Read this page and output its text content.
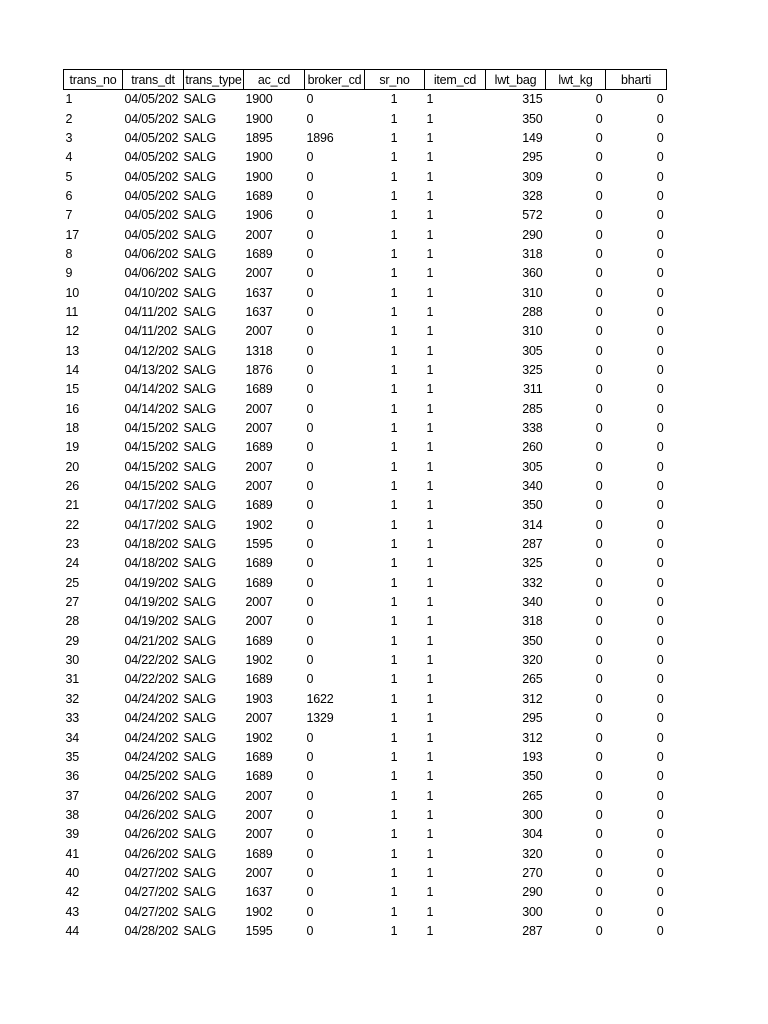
trans_no	trans_dt	trans_type	ac_cd	broker_cd	sr_no	item_cd	lwt_bag	lwt_kg	bharti
1	04/05/202	SALG	1900	0	1	1	315	0	0
2	04/05/202	SALG	1900	0	1	1	350	0	0
3	04/05/202	SALG	1895	1896	1	1	149	0	0
4	04/05/202	SALG	1900	0	1	1	295	0	0
5	04/05/202	SALG	1900	0	1	1	309	0	0
6	04/05/202	SALG	1689	0	1	1	328	0	0
7	04/05/202	SALG	1906	0	1	1	572	0	0
17	04/05/202	SALG	2007	0	1	1	290	0	0
8	04/06/202	SALG	1689	0	1	1	318	0	0
9	04/06/202	SALG	2007	0	1	1	360	0	0
10	04/10/202	SALG	1637	0	1	1	310	0	0
11	04/11/202	SALG	1637	0	1	1	288	0	0
12	04/11/202	SALG	2007	0	1	1	310	0	0
13	04/12/202	SALG	1318	0	1	1	305	0	0
14	04/13/202	SALG	1876	0	1	1	325	0	0
15	04/14/202	SALG	1689	0	1	1	311	0	0
16	04/14/202	SALG	2007	0	1	1	285	0	0
18	04/15/202	SALG	2007	0	1	1	338	0	0
19	04/15/202	SALG	1689	0	1	1	260	0	0
20	04/15/202	SALG	2007	0	1	1	305	0	0
26	04/15/202	SALG	2007	0	1	1	340	0	0
21	04/17/202	SALG	1689	0	1	1	350	0	0
22	04/17/202	SALG	1902	0	1	1	314	0	0
23	04/18/202	SALG	1595	0	1	1	287	0	0
24	04/18/202	SALG	1689	0	1	1	325	0	0
25	04/19/202	SALG	1689	0	1	1	332	0	0
27	04/19/202	SALG	2007	0	1	1	340	0	0
28	04/19/202	SALG	2007	0	1	1	318	0	0
29	04/21/202	SALG	1689	0	1	1	350	0	0
30	04/22/202	SALG	1902	0	1	1	320	0	0
31	04/22/202	SALG	1689	0	1	1	265	0	0
32	04/24/202	SALG	1903	1622	1	1	312	0	0
33	04/24/202	SALG	2007	1329	1	1	295	0	0
34	04/24/202	SALG	1902	0	1	1	312	0	0
35	04/24/202	SALG	1689	0	1	1	193	0	0
36	04/25/202	SALG	1689	0	1	1	350	0	0
37	04/26/202	SALG	2007	0	1	1	265	0	0
38	04/26/202	SALG	2007	0	1	1	300	0	0
39	04/26/202	SALG	2007	0	1	1	304	0	0
41	04/26/202	SALG	1689	0	1	1	320	0	0
40	04/27/202	SALG	2007	0	1	1	270	0	0
42	04/27/202	SALG	1637	0	1	1	290	0	0
43	04/27/202	SALG	1902	0	1	1	300	0	0
44	04/28/202	SALG	1595	0	1	1	287	0	0
